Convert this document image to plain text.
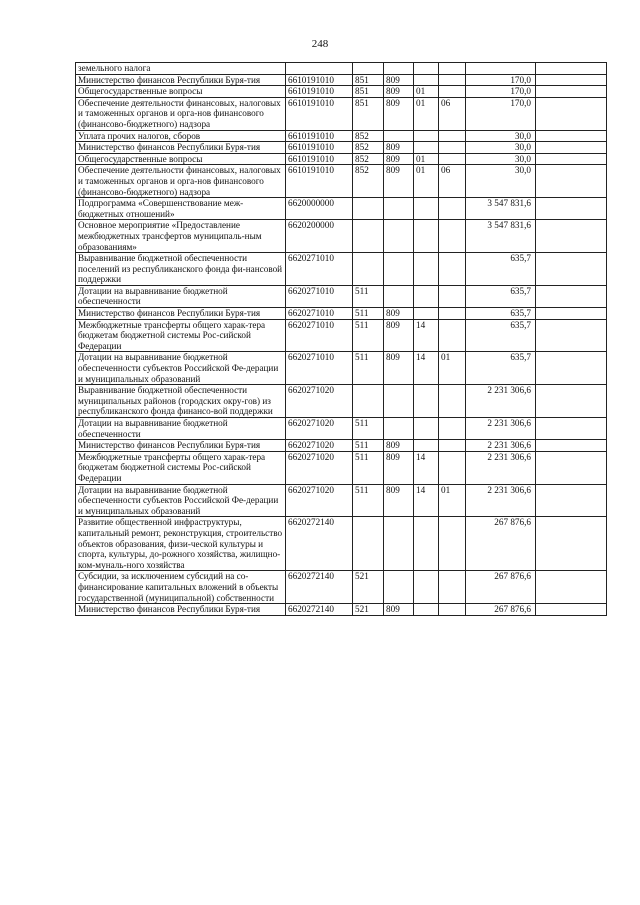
248
земельного налога							
Министерство финансов Республики Буря-тия	6610191010	851	809			170,0	
Общегосударственные вопросы	6610191010	851	809	01		170,0	
Обеспечение деятельности финансовых, налоговых и таможенных органов и орга-нов финансового (финансово-бюджетного) надзора	6610191010	851	809	01	06	170,0	
Уплата прочих налогов, сборов	6610191010	852				30,0	
Министерство финансов Республики Буря-тия	6610191010	852	809			30,0	
Общегосударственные вопросы	6610191010	852	809	01		30,0	
Обеспечение деятельности финансовых, налоговых и таможенных органов и орга-нов финансового (финансово-бюджетного) надзора	6610191010	852	809	01	06	30,0	
Подпрограмма «Совершенствование меж-бюджетных отношений»	6620000000					3 547 831,6	
Основное мероприятие «Предоставление межбюджетных трансфертов муниципаль-ным образованиям»	6620200000					3 547 831,6	
Выравнивание бюджетной обеспеченности поселений из республиканского фонда фи-нансовой поддержки	6620271010					635,7	
Дотации на выравнивание бюджетной обеспеченности	6620271010	511				635,7	
Министерство финансов Республики Буря-тия	6620271010	511	809			635,7	
Межбюджетные трансферты общего харак-тера бюджетам бюджетной системы Рос-сийской Федерации	6620271010	511	809	14		635,7	
Дотации на выравнивание бюджетной обеспеченности субъектов Российской Фе-дерации и муниципальных образований	6620271010	511	809	14	01	635,7	
Выравнивание бюджетной обеспеченности муниципальных районов (городских окру-гов) из республиканского фонда финансо-вой поддержки	6620271020					2 231 306,6	
Дотации на выравнивание бюджетной обеспеченности	6620271020	511				2 231 306,6	
Министерство финансов Республики Буря-тия	6620271020	511	809			2 231 306,6	
Межбюджетные трансферты общего харак-тера бюджетам бюджетной системы Рос-сийской Федерации	6620271020	511	809	14		2 231 306,6	
Дотации на выравнивание бюджетной обеспеченности субъектов Российской Фе-дерации и муниципальных образований	6620271020	511	809	14	01	2 231 306,6	
Развитие общественной инфраструктуры, капитальный ремонт, реконструкция, строительство объектов образования, физи-ческой культуры и спорта, культуры, до-рожного хозяйства, жилищно-ком-муналь-ного хозяйства	6620272140					267 876,6	
Субсидии, за исключением субсидий на со-финансирование капитальных вложений в объекты государственной (муниципальной) собственности	6620272140	521				267 876,6	
Министерство финансов Республики Буря-тия	6620272140	521	809			267 876,6	
